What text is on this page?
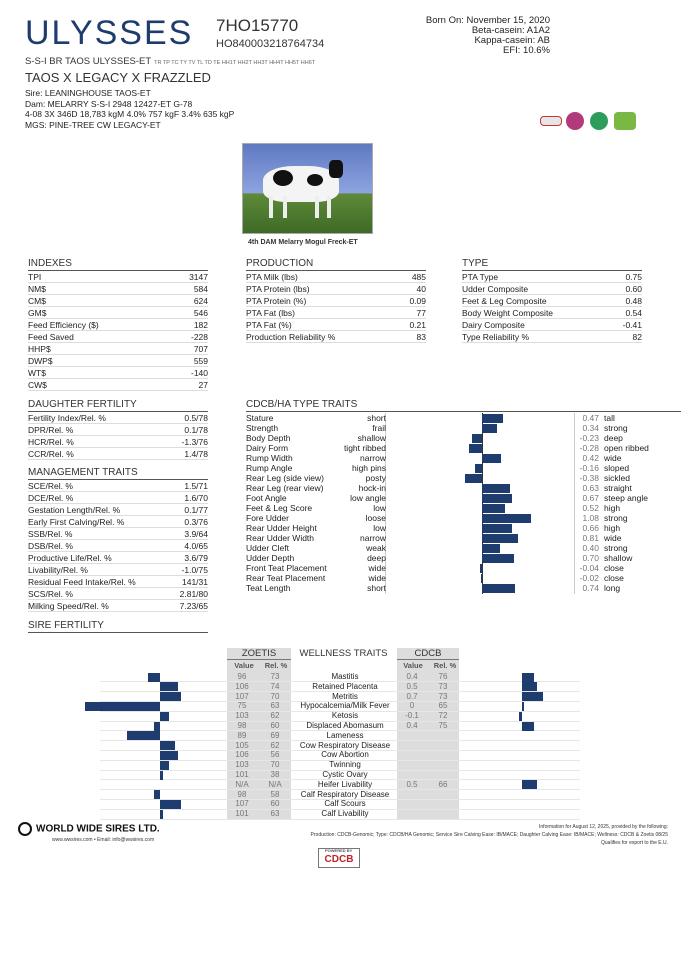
ULYSSES 7HO15770
HO840003218764734
Born On: November 15, 2020
Beta-casein: A1A2
Kappa-casein: AB
EFI: 10.6%
S-S-I BR TAOS ULYSSES-ET TR TP TC TY TV TL TD TE HH1T HH2T HH3T HH4T HH5T HH6T
TAOS X LEGACY X FRAZZLED
Sire: LEANINGHOUSE TAOS-ET
Dam: MELARRY S-S-I 2948 12427-ET G-78
4-08 3X 346D 18,783 kgM 4.0% 757 kgF 3.4% 635 kgP
MGS: PINE-TREE CW LEGACY-ET
4th DAM Melarry Mogul Freck-ET
INDEXES
TPI	3147
NM$	584
CM$	624
GM$	546
Feed Efficiency ($)	182
Feed Saved	-228
HHP$	707
DWP$	559
WT$	-140
CW$	27
PRODUCTION
PTA Milk (lbs)	485
PTA Protein (lbs)	40
PTA Protein (%)	0.09
PTA Fat (lbs)	77
PTA Fat (%)	0.21
Production Reliability %	83
TYPE
PTA Type	0.75
Udder Composite	0.60
Feet & Leg Composite	0.48
Body Weight Composite	0.54
Dairy Composite	-0.41
Type Reliability %	82
DAUGHTER FERTILITY
Fertility Index/Rel. %	0.5/78
DPR/Rel. %	0.1/78
HCR/Rel. %	-1.3/76
CCR/Rel. %	1.4/78
MANAGEMENT TRAITS
SCE/Rel. %	1.5/71
DCE/Rel. %	1.6/70
Gestation Length/Rel. %	0.1/77
Early First Calving/Rel. %	0.3/76
SSB/Rel. %	3.9/64
DSB/Rel. %	4.0/65
Productive Life/Rel. %	3.6/79
Livability/Rel. %	-1.0/75
Residual Feed Intake/Rel. %	141/31
SCS/Rel. %	2.81/80
Milking Speed/Rel. %	7.23/65
SIRE FERTILITY
CDCB/HA TYPE TRAITS
Stature	short	0.47 tall
Strength	frail	0.34 strong
Body Depth	shallow	-0.23 deep
Dairy Form	tight ribbed	-0.28 open ribbed
Rump Width	narrow	0.42 wide
Rump Angle	high pins	-0.16 sloped
Rear Leg (side view)	posty	-0.38 sickled
Rear Leg (rear view)	hock-in	0.63 straight
Foot Angle	low angle	0.67 steep angle
Feet & Leg Score	low	0.52 high
Fore Udder	loose	1.08 strong
Rear Udder Height	low	0.66 high
Rear Udder Width	narrow	0.81 wide
Udder Cleft	weak	0.40 strong
Udder Depth	deep	0.70 shallow
Front Teat Placement	wide	-0.04 close
Rear Teat Placement	wide	-0.02 close
Teat Length	short	0.74 long
ZOETIS	WELLNESS TRAITS	CDCB
Value	Rel. %	Value	Rel. %
96	73	Mastitis	0.4	76
106	74	Retained Placenta	0.5	73
107	70	Metritis	0.7	73
75	63	Hypocalcemia/Milk Fever	0	65
103	62	Ketosis	-0.1	72
98	60	Displaced Abomasum	0.4	75
89	69	Lameness
105	62	Cow Respiratory Disease
106	56	Cow Abortion
103	70	Twinning
101	38	Cystic Ovary
N/A	N/A	Heifer Livability	0.5	66
98	58	Calf Respiratory Disease
107	60	Calf Scours
101	63	Calf Livability
WORLD WIDE SIRES LTD.
www.wwsires.com • Email: info@wwsires.com
Information for August 12, 2025, provided by the following:
Production: CDCB-Genomic; Type: CDCB/HA Genomic; Service Sire Calving Ease: IB/MACE; Daughter Calving Ease: IB/MACE; Wellness: CDCB & Zoetis 08/25
Qualifies for export to the E.U.
POWERED BY
CDCB
